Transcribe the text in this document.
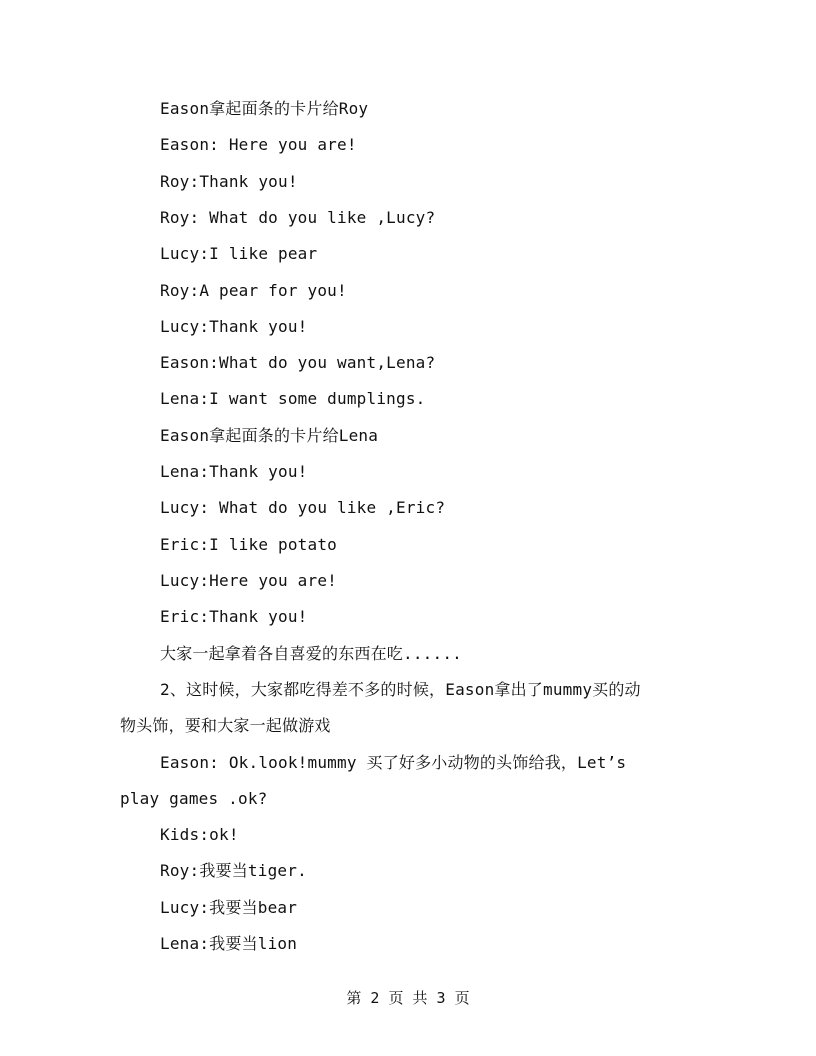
Eason拿起面条的卡片给Roy
Eason: Here you are!
Roy:Thank you!
Roy: What do you like ,Lucy?
Lucy:I like pear
Roy:A pear for you!
Lucy:Thank you!
Eason:What do you want,Lena?
Lena:I want some dumplings.
Eason拿起面条的卡片给Lena
Lena:Thank you!
Lucy: What do you like ,Eric?
Eric:I like potato
Lucy:Here you are!
Eric:Thank you!
大家一起拿着各自喜爱的东西在吃......
2、这时候，大家都吃得差不多的时候，Eason拿出了mummy买的动
物头饰，要和大家一起做游戏
Eason: Ok.look!mummy 买了好多小动物的头饰给我，Let’s
play games .ok?
Kids:ok!
Roy:我要当tiger.
Lucy:我要当bear
Lena:我要当lion
第 2 页 共 3 页
